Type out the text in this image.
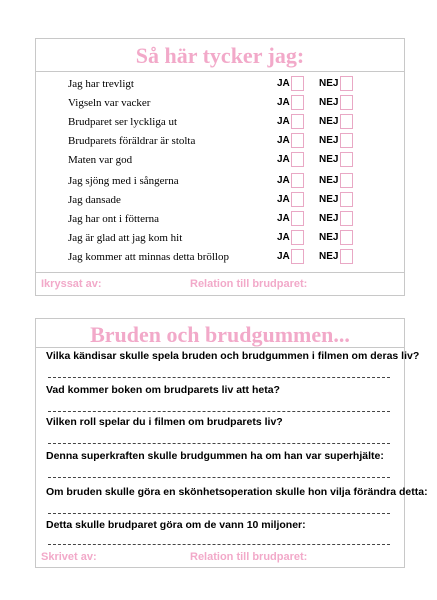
Så här tycker jag:
Jag har trevligt	JA	NEJ
Vigseln var vacker	JA	NEJ
Brudparet ser lyckliga ut	JA	NEJ
Brudparets föräldrar är stolta	JA	NEJ
Maten var god	JA	NEJ
Jag sjöng med i sångerna	JA	NEJ
Jag dansade	JA	NEJ
Jag har ont i fötterna	JA	NEJ
Jag är glad att jag kom hit	JA	NEJ
Jag kommer att minnas detta bröllop	JA	NEJ
Ikryssat av:	Relation till brudparet:
Bruden och brudgummen...
Vilka kändisar skulle spela bruden och brudgummen i filmen om deras liv?
Vad kommer boken om brudparets liv att heta?
Vilken roll spelar du i filmen om brudparets liv?
Denna superkraften skulle brudgummen ha om han var superhjälte:
Om bruden skulle göra en skönhetsoperation skulle hon vilja förändra detta:
Detta skulle brudparet göra om de vann 10 miljoner:
Skrivet av:	Relation till brudparet:
